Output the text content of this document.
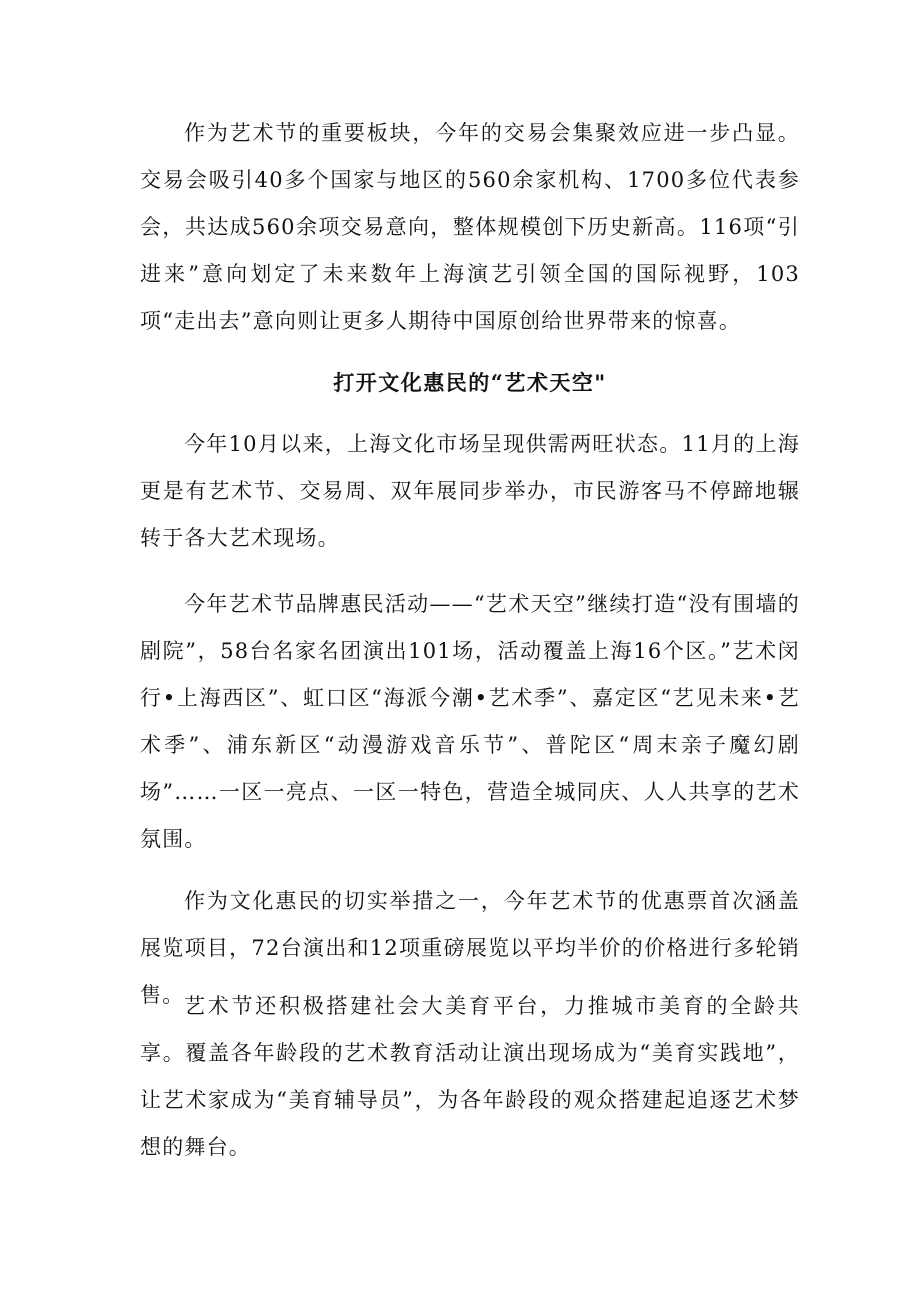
作为艺术节的重要板块，今年的交易会集聚效应进一步凸显。交易会吸引40多个国家与地区的560余家机构、1700多位代表参会，共达成560余项交易意向，整体规模创下历史新高。116项“引进来”意向划定了未来数年上海演艺引领全国的国际视野，103项“走出去”意向则让更多人期待中国原创给世界带来的惊喜。

打开文化惠民的“艺术天空"

今年10月以来，上海文化市场呈现供需两旺状态。11月的上海更是有艺术节、交易周、双年展同步举办，市民游客马不停蹄地辗转于各大艺术现场。

今年艺术节品牌惠民活动——“艺术天空”继续打造“没有围墙的剧院”，58台名家名团演出101场，活动覆盖上海16个区。”艺术闵行•上海西区”、虹口区“海派今潮•艺术季”、嘉定区“艺见未来•艺术季”、浦东新区“动漫游戏音乐节”、普陀区“周末亲子魔幻剧场”……一区一亮点、一区一特色，营造全城同庆、人人共享的艺术氛围。

作为文化惠民的切实举措之一，今年艺术节的优惠票首次涵盖展览项目，72台演出和12项重磅展览以平均半价的价格进行多轮销售。 艺术节还积极搭建社会大美育平台，力推城市美育的全龄共享。覆盖各年龄段的艺术教育活动让演出现场成为“美育实践地”，让艺术家成为“美育辅导员”，为各年龄段的观众搭建起追逐艺术梦想的舞台。
